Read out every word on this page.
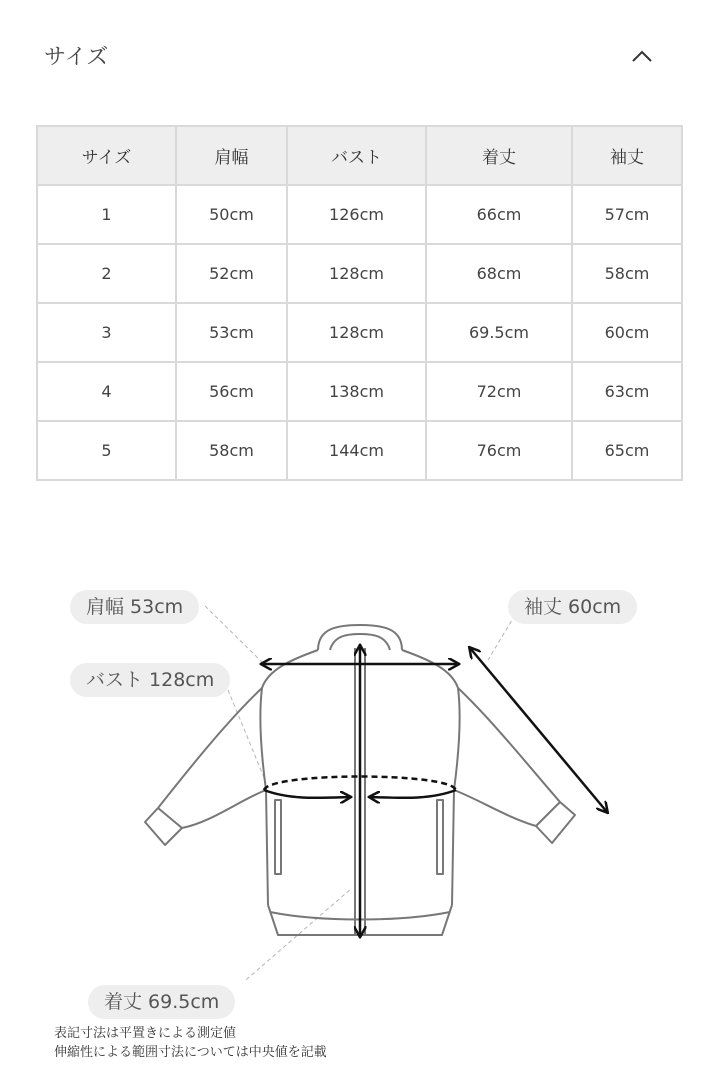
サイズ
サイズ	肩幅	バスト	着丈	袖丈
1	50cm	126cm	66cm	57cm
2	52cm	128cm	68cm	58cm
3	53cm	128cm	69.5cm	60cm
4	56cm	138cm	72cm	63cm
5	58cm	144cm	76cm	65cm
肩幅 53cm
バスト 128cm
袖丈 60cm
着丈 69.5cm
表記寸法は平置きによる測定値
伸縮性による範囲寸法については中央値を記載
